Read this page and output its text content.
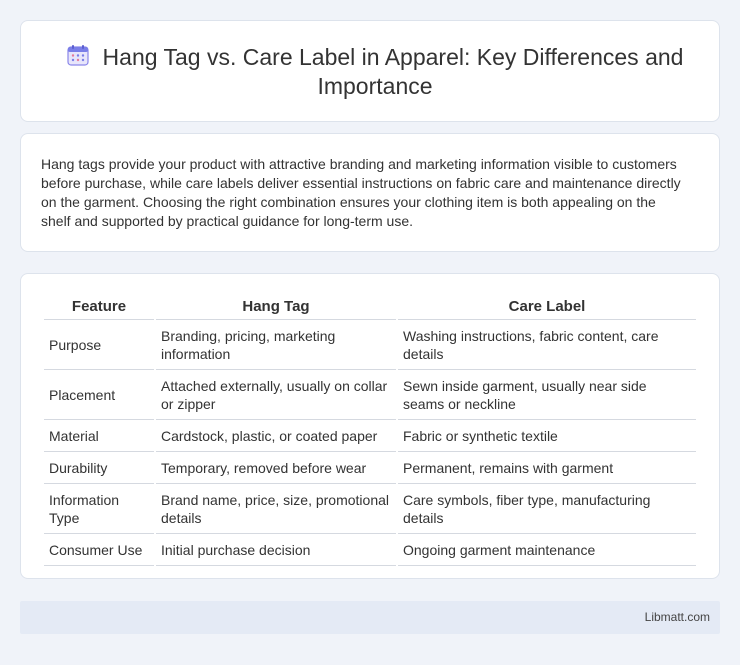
Hang Tag vs. Care Label in Apparel: Key Differences and Importance

Hang tags provide your product with attractive branding and marketing information visible to customers before purchase, while care labels deliver essential instructions on fabric care and maintenance directly on the garment. Choosing the right combination ensures your clothing item is both appealing on the shelf and supported by practical guidance for long-term use.

Feature	Hang Tag	Care Label
Purpose	Branding, pricing, marketing information	Washing instructions, fabric content, care details
Placement	Attached externally, usually on collar or zipper	Sewn inside garment, usually near side seams or neckline
Material	Cardstock, plastic, or coated paper	Fabric or synthetic textile
Durability	Temporary, removed before wear	Permanent, remains with garment
Information Type	Brand name, price, size, promotional details	Care symbols, fiber type, manufacturing details
Consumer Use	Initial purchase decision	Ongoing garment maintenance
Libmatt.com
